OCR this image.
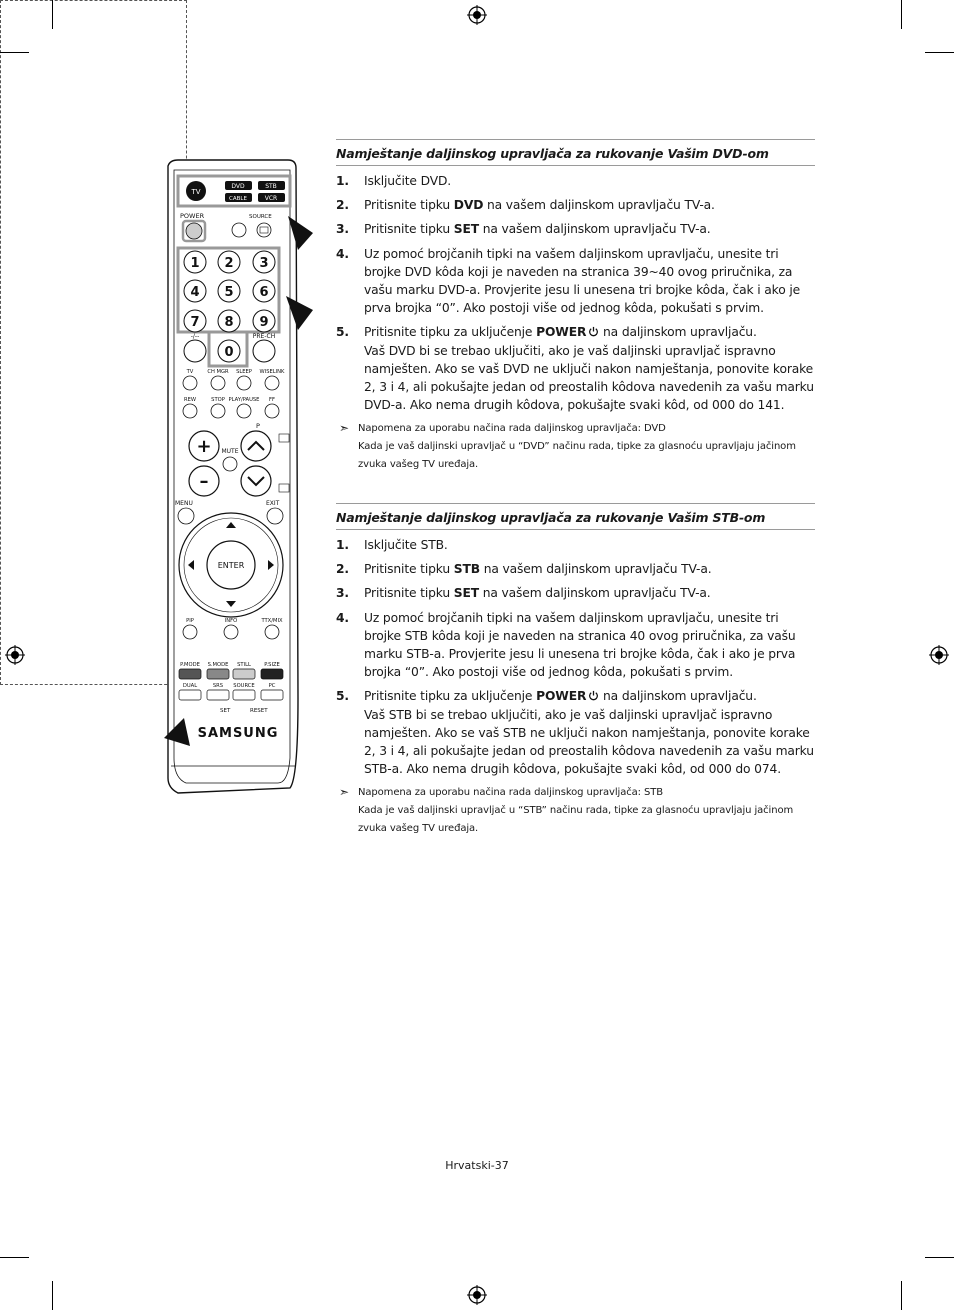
TV
DVD	STB
CABLE	VCR
POWER	SOURCE
1 2 3
4 5 6
7 8 9
0
-/--	PRE-CH
TV	CH MGR SLEEP WISELINK
REW	STOP PLAY/PAUSE FF
+
–
MUTE
P
MENU	EXIT
ENTER
PIP	INFO	TTX/MIX
P.MODE S.MODE STILL	P.SIZE
DUAL	SRS SOURCE	PC
SET	RESET
SAMSUNG
Namještanje daljinskog upravljača za rukovanje Vašim DVD-om
1. Isključite DVD.
2. Pritisnite tipku DVD na vašem daljinskom upravljaču TV-a.
3. Pritisnite tipku SET na vašem daljinskom upravljaču TV-a.
4. Uz pomoć brojčanih tipki na vašem daljinskom upravljaču, unesite tri brojke DVD kôda koji je naveden na stranica 39~40 ovog priručnika, za vašu marku DVD-a. Provjerite jesu li unesena tri brojke kôda, čak i ako je prva brojka “0”. Ako postoji više od jednog kôda, pokušati s prvim.
5. Pritisnite tipku za uključenje POWER na daljinskom upravljaču.
Vaš DVD bi se trebao uključiti, ako je vaš daljinski upravljač ispravno namješten. Ako se vaš DVD ne uključi nakon namještanja, ponovite korake 2, 3 i 4, ali pokušajte jedan od preostalih kôdova navedenih za vašu marku DVD-a. Ako nema drugih kôdova, pokušajte svaki kôd, od 000 do 141.
➣ Napomena za uporabu načina rada daljinskog upravljača: DVD
Kada je vaš daljinski upravljač u “DVD” načinu rada, tipke za glasnoću upravljaju jačinom zvuka vašeg TV uređaja.
Namještanje daljinskog upravljača za rukovanje Vašim STB-om
1. Isključite STB.
2. Pritisnite tipku STB na vašem daljinskom upravljaču TV-a.
3. Pritisnite tipku SET na vašem daljinskom upravljaču TV-a.
4. Uz pomoć brojčanih tipki na vašem daljinskom upravljaču, unesite tri brojke STB kôda koji je naveden na stranica 40 ovog priručnika, za vašu marku STB-a. Provjerite jesu li unesena tri brojke kôda, čak i ako je prva brojka “0”. Ako postoji više od jednog kôda, pokušati s prvim.
5. Pritisnite tipku za uključenje POWER na daljinskom upravljaču.
Vaš STB bi se trebao uključiti, ako je vaš daljinski upravljač ispravno namješten. Ako se vaš STB ne uključi nakon namještanja, ponovite korake 2, 3 i 4, ali pokušajte jedan od preostalih kôdova navedenih za vašu marku STB-a. Ako nema drugih kôdova, pokušajte svaki kôd, od 000 do 074.
➣ Napomena za uporabu načina rada daljinskog upravljača: STB
Kada je vaš daljinski upravljač u “STB” načinu rada, tipke za glasnoću upravljaju jačinom zvuka vašeg TV uređaja.
Hrvatski-37
